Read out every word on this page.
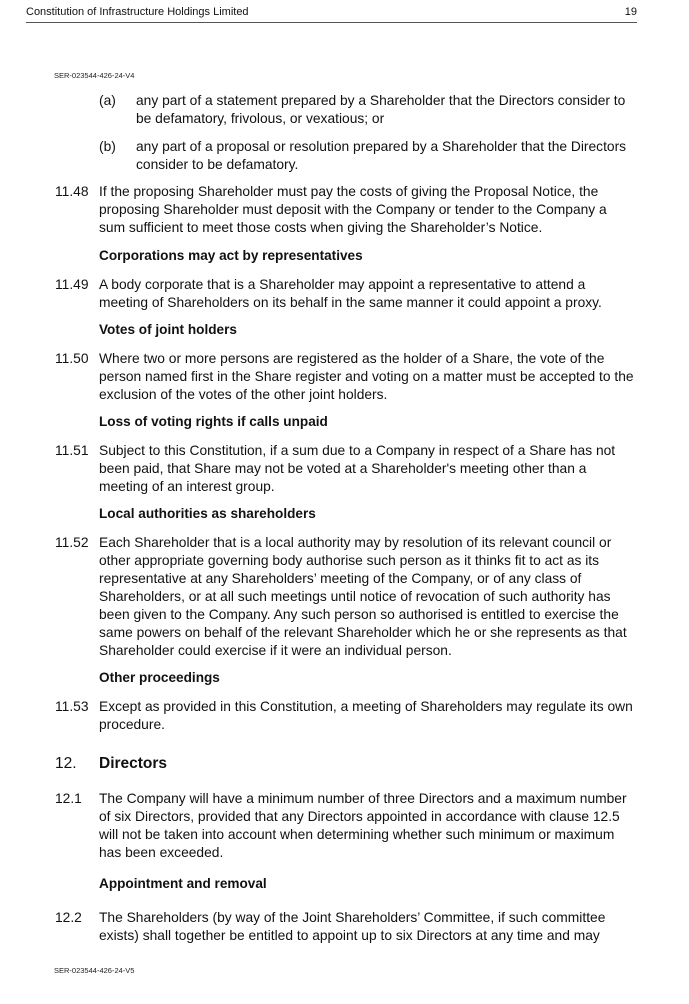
Constitution of Infrastructure Holdings Limited	19
SER-023544-426-24-V4
(a) any part of a statement prepared by a Shareholder that the Directors consider to be defamatory, frivolous, or vexatious; or
(b) any part of a proposal or resolution prepared by a Shareholder that the Directors consider to be defamatory.
11.48 If the proposing Shareholder must pay the costs of giving the Proposal Notice, the proposing Shareholder must deposit with the Company or tender to the Company a sum sufficient to meet those costs when giving the Shareholder’s Notice.
Corporations may act by representatives
11.49 A body corporate that is a Shareholder may appoint a representative to attend a meeting of Shareholders on its behalf in the same manner it could appoint a proxy.
Votes of joint holders
11.50 Where two or more persons are registered as the holder of a Share, the vote of the person named first in the Share register and voting on a matter must be accepted to the exclusion of the votes of the other joint holders.
Loss of voting rights if calls unpaid
11.51 Subject to this Constitution, if a sum due to a Company in respect of a Share has not been paid, that Share may not be voted at a Shareholder's meeting other than a meeting of an interest group.
Local authorities as shareholders
11.52 Each Shareholder that is a local authority may by resolution of its relevant council or other appropriate governing body authorise such person as it thinks fit to act as its representative at any Shareholders’ meeting of the Company, or of any class of Shareholders, or at all such meetings until notice of revocation of such authority has been given to the Company. Any such person so authorised is entitled to exercise the same powers on behalf of the relevant Shareholder which he or she represents as that Shareholder could exercise if it were an individual person.
Other proceedings
11.53 Except as provided in this Constitution, a meeting of Shareholders may regulate its own procedure.
12. Directors
12.1 The Company will have a minimum number of three Directors and a maximum number of six Directors, provided that any Directors appointed in accordance with clause 12.5 will not be taken into account when determining whether such minimum or maximum has been exceeded.
Appointment and removal
12.2 The Shareholders (by way of the Joint Shareholders’ Committee, if such committee exists) shall together be entitled to appoint up to six Directors at any time and may
SER-023544-426-24-V5
